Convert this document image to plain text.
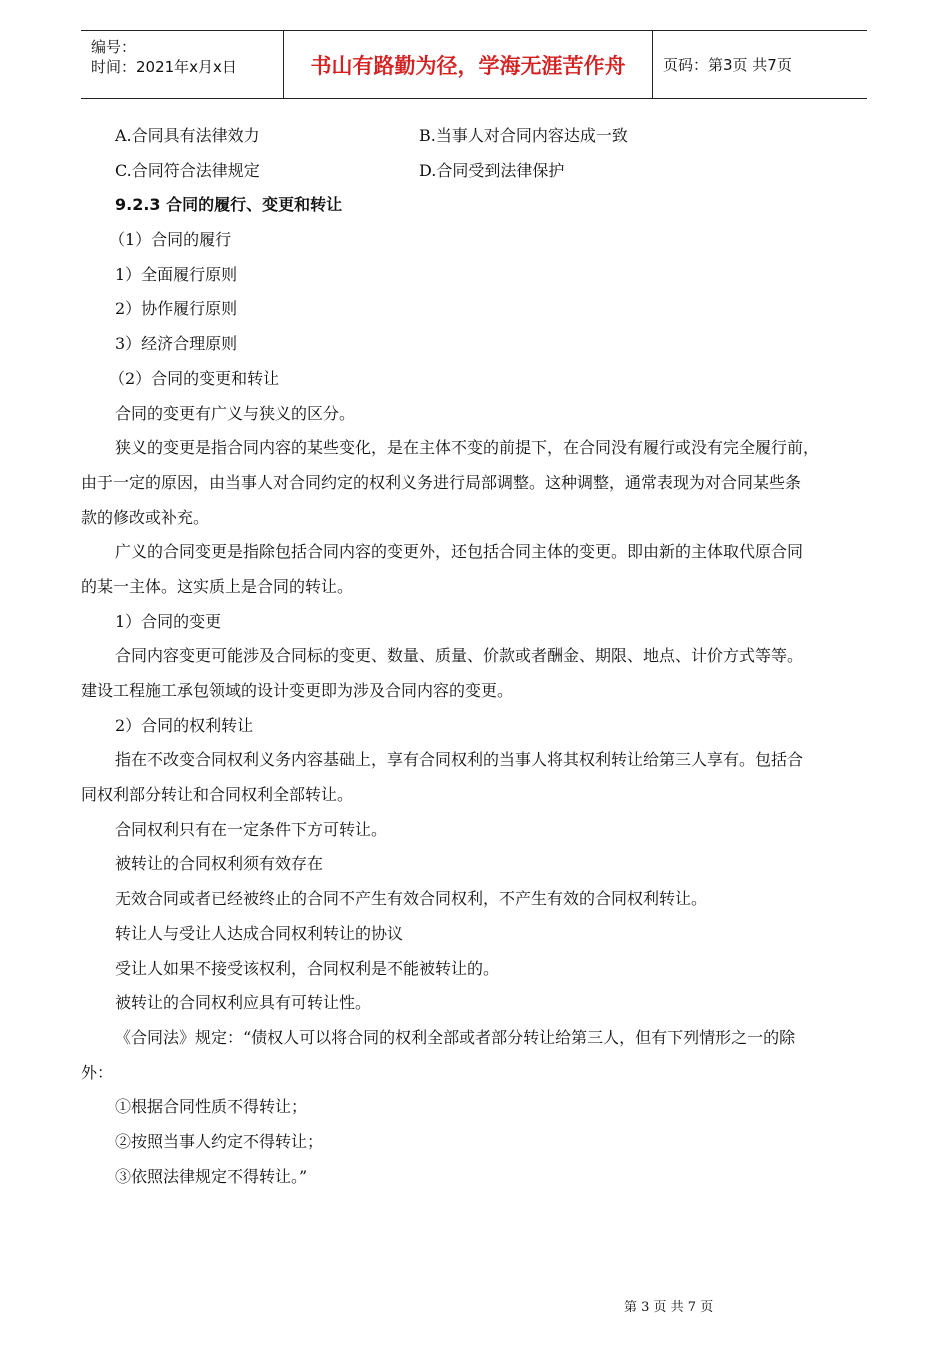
编号：
时间：2021年x月x日	书山有路勤为径，学海无涯苦作舟	页码：第3页 共7页
A.合同具有法律效力	B.当事人对合同内容达成一致
C.合同符合法律规定	D.合同受到法律保护
9.2.3 合同的履行、变更和转让
（1）合同的履行
1）全面履行原则
2）协作履行原则
3）经济合理原则
（2）合同的变更和转让
合同的变更有广义与狭义的区分。
狭义的变更是指合同内容的某些变化，是在主体不变的前提下，在合同没有履行或没有完全履行前，
由于一定的原因，由当事人对合同约定的权利义务进行局部调整。这种调整，通常表现为对合同某些条
款的修改或补充。
广义的合同变更是指除包括合同内容的变更外，还包括合同主体的变更。即由新的主体取代原合同
的某一主体。这实质上是合同的转让。
1）合同的变更
合同内容变更可能涉及合同标的变更、数量、质量、价款或者酬金、期限、地点、计价方式等等。
建设工程施工承包领域的设计变更即为涉及合同内容的变更。
2）合同的权利转让
指在不改变合同权利义务内容基础上，享有合同权利的当事人将其权利转让给第三人享有。包括合
同权利部分转让和合同权利全部转让。
合同权利只有在一定条件下方可转让。
被转让的合同权利须有效存在
无效合同或者已经被终止的合同不产生有效合同权利，不产生有效的合同权利转让。
转让人与受让人达成合同权利转让的协议
受让人如果不接受该权利，合同权利是不能被转让的。
被转让的合同权利应具有可转让性。
《合同法》规定：“债权人可以将合同的权利全部或者部分转让给第三人，但有下列情形之一的除
外：
①根据合同性质不得转让；
②按照当事人约定不得转让；
③依照法律规定不得转让。”
第 3 页 共 7 页
